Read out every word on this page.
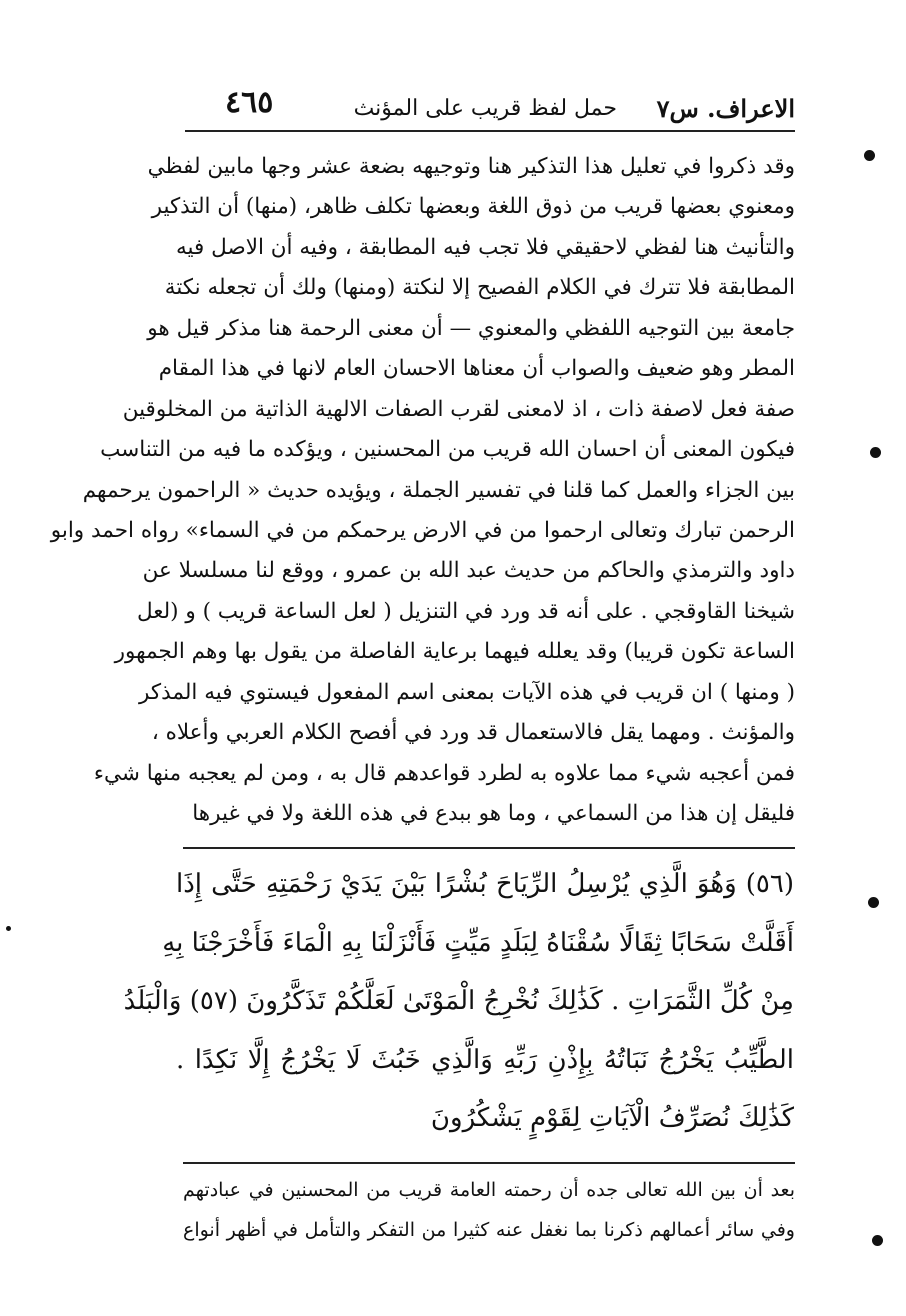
الاعراف. س٧
حمل لفظ قريب على المؤنث
٤٦٥
وقد ذكروا في تعليل هذا التذكير هنا وتوجيهه بضعة عشر وجها مابين لفظي
ومعنوي بعضها قريب من ذوق اللغة وبعضها تكلف ظاهر، (منها) أن التذكير
والتأنيث هنا لفظي لاحقيقي فلا تجب فيه المطابقة ، وفيه أن الاصل فيه
المطابقة فلا تترك في الكلام الفصيح إلا لنكتة (ومنها) ولك أن تجعله نكتة
جامعة بين التوجيه اللفظي والمعنوي — أن معنى الرحمة هنا مذكر قيل هو
المطر وهو ضعيف والصواب أن معناها الاحسان العام لانها في هذا المقام
صفة فعل لاصفة ذات ، اذ لامعنى لقرب الصفات الالهية الذاتية من المخلوقين
فيكون المعنى أن احسان الله قريب من المحسنين ، ويؤكده ما فيه من التناسب
بين الجزاء والعمل كما قلنا في تفسير الجملة ، ويؤيده حديث « الراحمون يرحمهم
الرحمن تبارك وتعالى ارحموا من في الارض يرحمكم من في السماء» رواه احمد وابو
داود والترمذي والحاكم من حديث عبد الله بن عمرو ، ووقع لنا مسلسلا عن
شيخنا القاوقجي . على أنه قد ورد في التنزيل ( لعل الساعة قريب ) و (لعل
الساعة تكون قريبا) وقد يعلله فيهما برعاية الفاصلة من يقول بها وهم الجمهور
( ومنها ) ان قريب في هذه الآيات بمعنى اسم المفعول فيستوي فيه المذكر
والمؤنث . ومهما يقل فالاستعمال قد ورد في أفصح الكلام العربي وأعلاه ،
فمن أعجبه شيء مما علاوه به لطرد قواعدهم قال به ، ومن لم يعجبه منها شيء
فليقل إن هذا من السماعي ، وما هو ببدع في هذه اللغة ولا في غيرها
(٥٦) وَهُوَ الَّذِي يُرْسِلُ الرِّيَاحَ بُشْرًا بَيْنَ يَدَيْ رَحْمَتِهِ حَتَّى إِذَا
أَقَلَّتْ سَحَابًا ثِقَالًا سُقْنَاهُ لِبَلَدٍ مَيِّتٍ فَأَنْزَلْنَا بِهِ الْمَاءَ فَأَخْرَجْنَا بِهِ
مِنْ كُلِّ الثَّمَرَاتِ . كَذَٰلِكَ نُخْرِجُ الْمَوْتَىٰ لَعَلَّكُمْ تَذَكَّرُونَ (٥٧) وَالْبَلَدُ
الطَّيِّبُ يَخْرُجُ نَبَاتُهُ بِإِذْنِ رَبِّهِ وَالَّذِي خَبُثَ لَا يَخْرُجُ إِلَّا نَكِدًا .
كَذَٰلِكَ نُصَرِّفُ الْآيَاتِ لِقَوْمٍ يَشْكُرُونَ
بعد أن بين الله تعالى جده أن رحمته العامة قريب من المحسنين في عبادتهم
وفي سائر أعمالهم ذكرنا بما نغفل عنه كثيرا من التفكر والتأمل في أظهر أنواع
